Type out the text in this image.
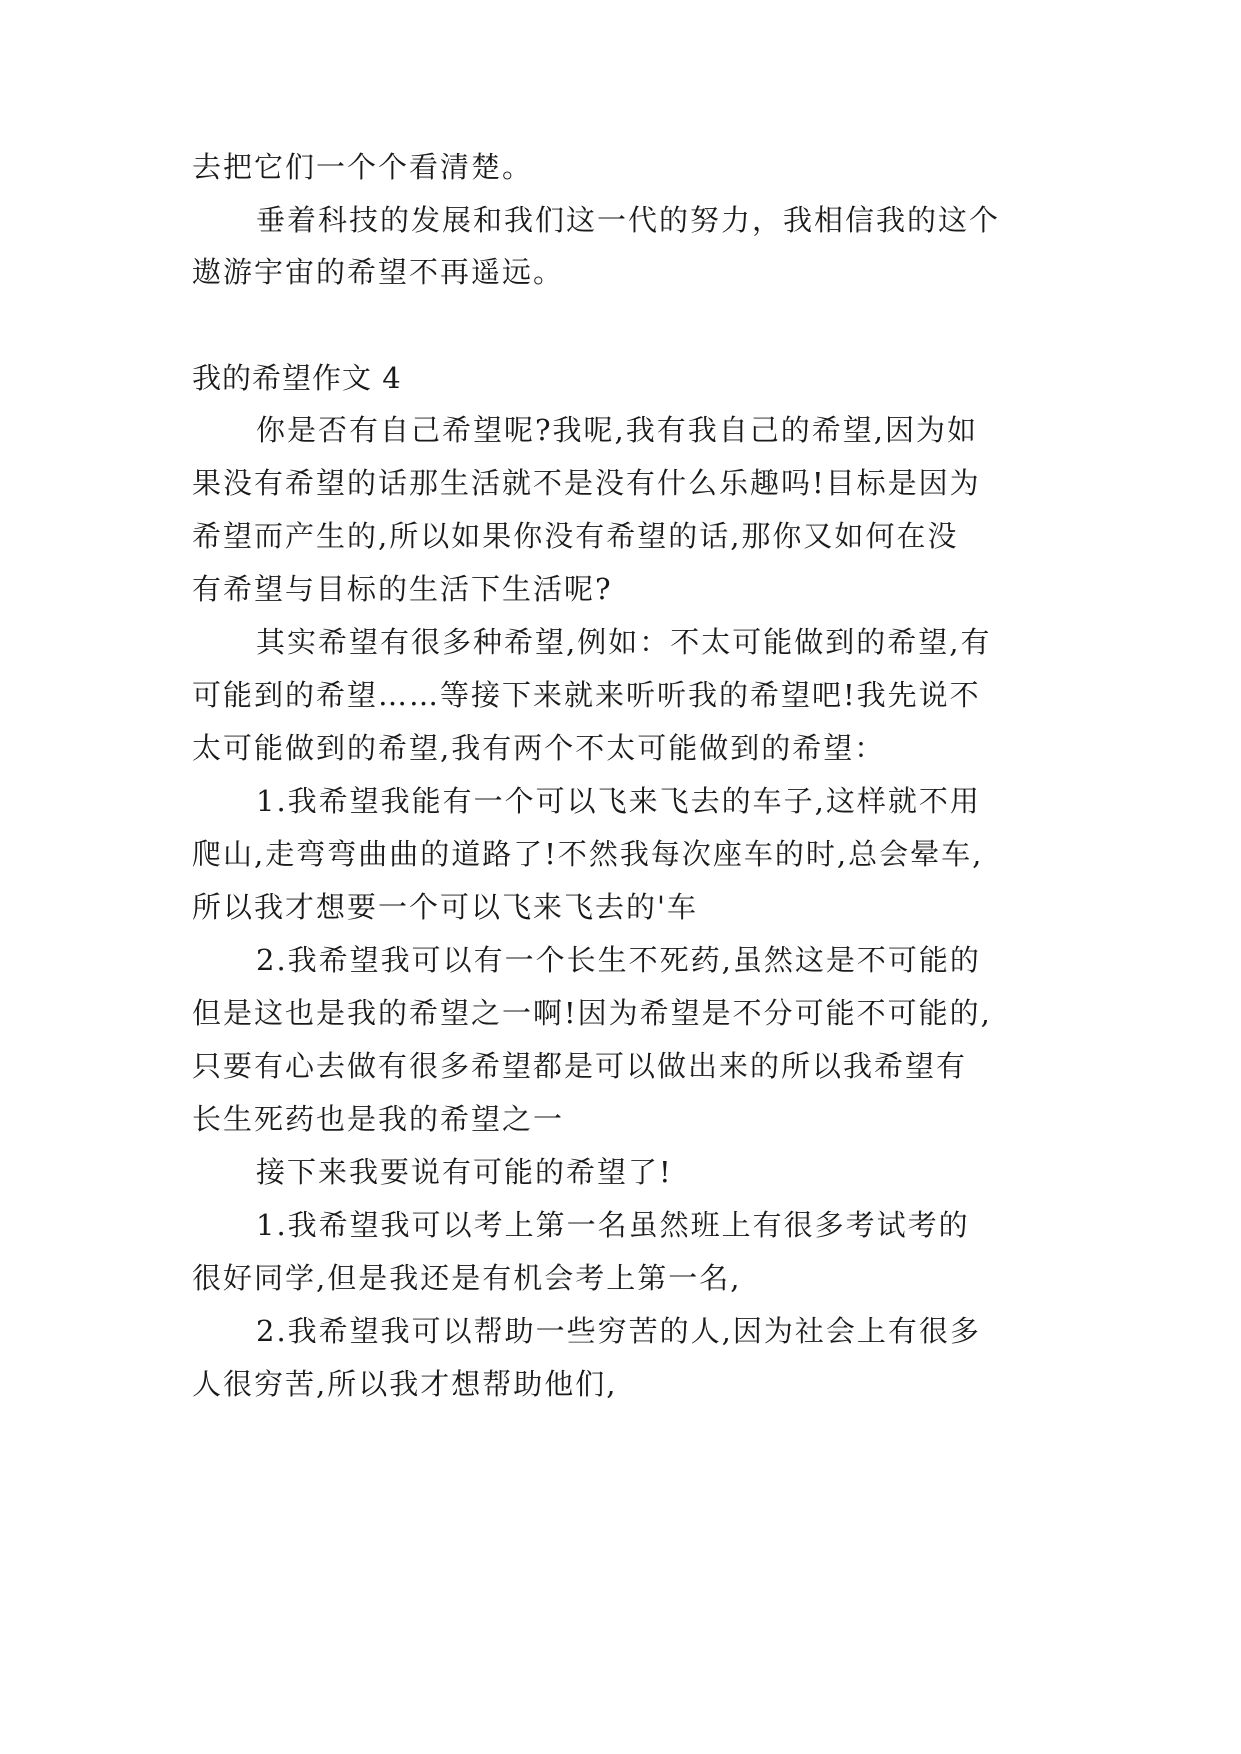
去把它们一个个看清楚。
垂着科技的发展和我们这一代的努力，我相信我的这个
遨游宇宙的希望不再遥远。
我的希望作文 4
你是否有自己希望呢?我呢,我有我自己的希望,因为如
果没有希望的话那生活就不是没有什么乐趣吗!目标是因为
希望而产生的,所以如果你没有希望的话,那你又如何在没
有希望与目标的生活下生活呢?
其实希望有很多种希望,例如：不太可能做到的希望,有
可能到的希望……等接下来就来听听我的希望吧!我先说不
太可能做到的希望,我有两个不太可能做到的希望：
1.我希望我能有一个可以飞来飞去的车子,这样就不用
爬山,走弯弯曲曲的道路了!不然我每次座车的时,总会晕车,
所以我才想要一个可以飞来飞去的'车
2.我希望我可以有一个长生不死药,虽然这是不可能的
但是这也是我的希望之一啊!因为希望是不分可能不可能的,
只要有心去做有很多希望都是可以做出来的所以我希望有
长生死药也是我的希望之一
接下来我要说有可能的希望了!
1.我希望我可以考上第一名虽然班上有很多考试考的
很好同学,但是我还是有机会考上第一名,
2.我希望我可以帮助一些穷苦的人,因为社会上有很多
人很穷苦,所以我才想帮助他们,
